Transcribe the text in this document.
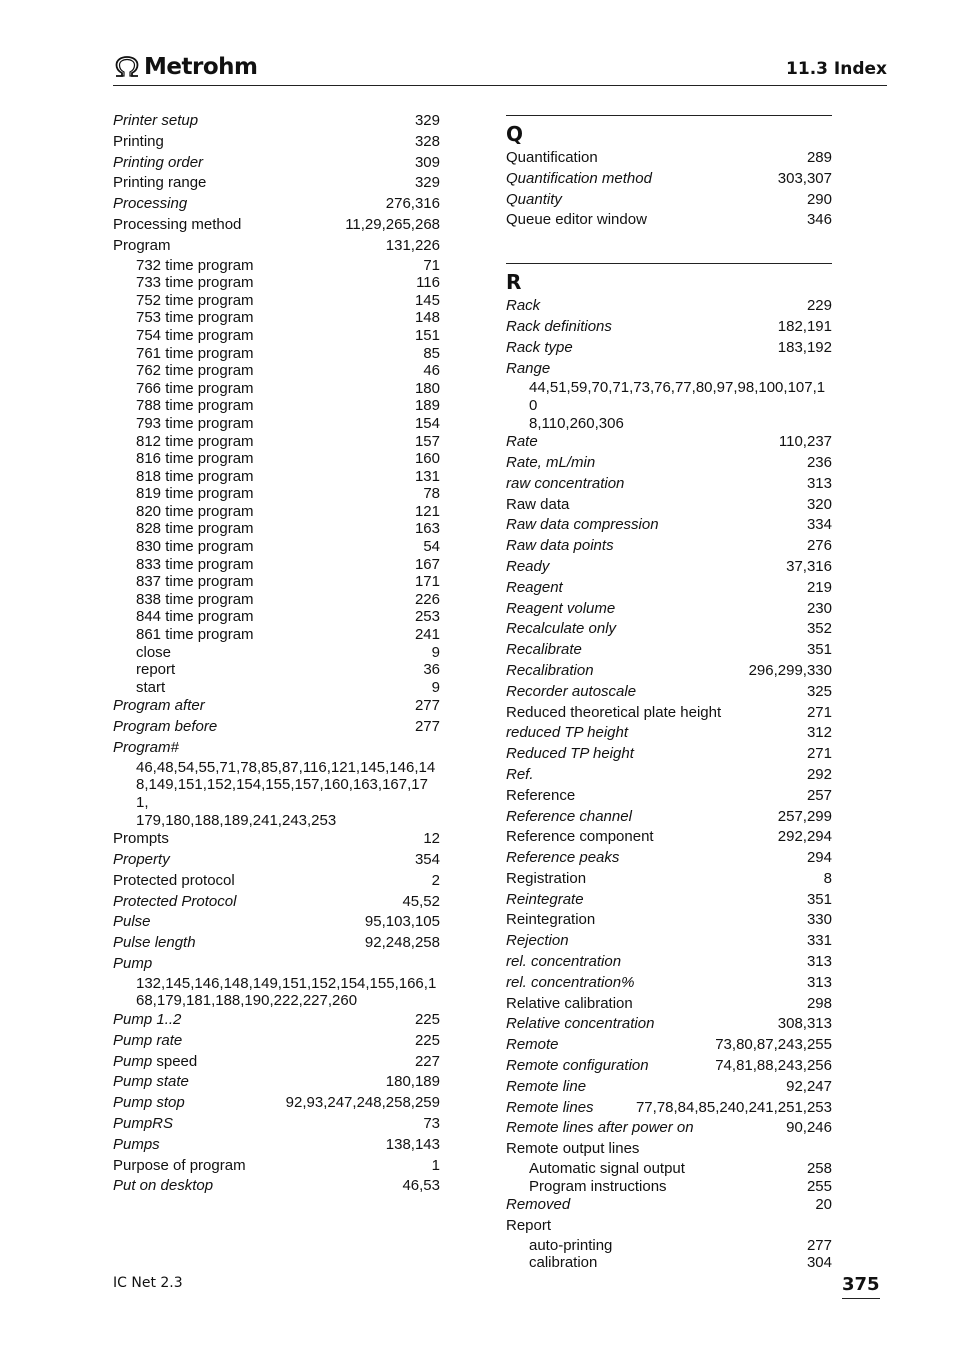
Metrohm	11.3 Index
Printer setup	329
Printing	328
Printing order	309
Printing range	329
Processing	276,316
Processing method	11,29,265,268
Program	131,226
732 time program	71
733 time program	116
752 time program	145
753 time program	148
754 time program	151
761 time program	85
762 time program	46
766 time program	180
788 time program	189
793 time program	154
812 time program	157
816 time program	160
818 time program	131
819 time program	78
820 time program	121
828 time program	163
830 time program	54
833 time program	167
837 time program	171
838 time program	226
844 time program	253
861 time program	241
close	9
report	36
start	9
Program after	277
Program before	277
Program#
46,48,54,55,71,78,85,87,116,121,145,146,14
8,149,151,152,154,155,157,160,163,167,171,
179,180,188,189,241,243,253
Prompts	12
Property	354
Protected protocol	2
Protected Protocol	45,52
Pulse	95,103,105
Pulse length	92,248,258
Pump
132,145,146,148,149,151,152,154,155,166,1
68,179,181,188,190,222,227,260
Pump 1..2	225
Pump rate	225
Pump speed	227
Pump state	180,189
Pump stop	92,93,247,248,258,259
PumpRS	73
Pumps	138,143
Purpose of program	1
Put on desktop	46,53
Q
Quantification	289
Quantification method	303,307
Quantity	290
Queue editor window	346
R
Rack	229
Rack definitions	182,191
Rack type	183,192
Range
44,51,59,70,71,73,76,77,80,97,98,100,107,10
8,110,260,306
Rate	110,237
Rate, mL/min	236
raw concentration	313
Raw data	320
Raw data compression	334
Raw data points	276
Ready	37,316
Reagent	219
Reagent volume	230
Recalculate only	352
Recalibrate	351
Recalibration	296,299,330
Recorder autoscale	325
Reduced theoretical plate height	271
reduced TP height	312
Reduced TP height	271
Ref.	292
Reference	257
Reference channel	257,299
Reference component	292,294
Reference peaks	294
Registration	8
Reintegrate	351
Reintegration	330
Rejection	331
rel. concentration	313
rel. concentration%	313
Relative calibration	298
Relative concentration	308,313
Remote	73,80,87,243,255
Remote configuration	74,81,88,243,256
Remote line	92,247
Remote lines	77,78,84,85,240,241,251,253
Remote lines after power on	90,246
Remote output lines
Automatic signal output	258
Program instructions	255
Removed	20
Report
auto-printing	277
calibration	304
IC Net 2.3	375
